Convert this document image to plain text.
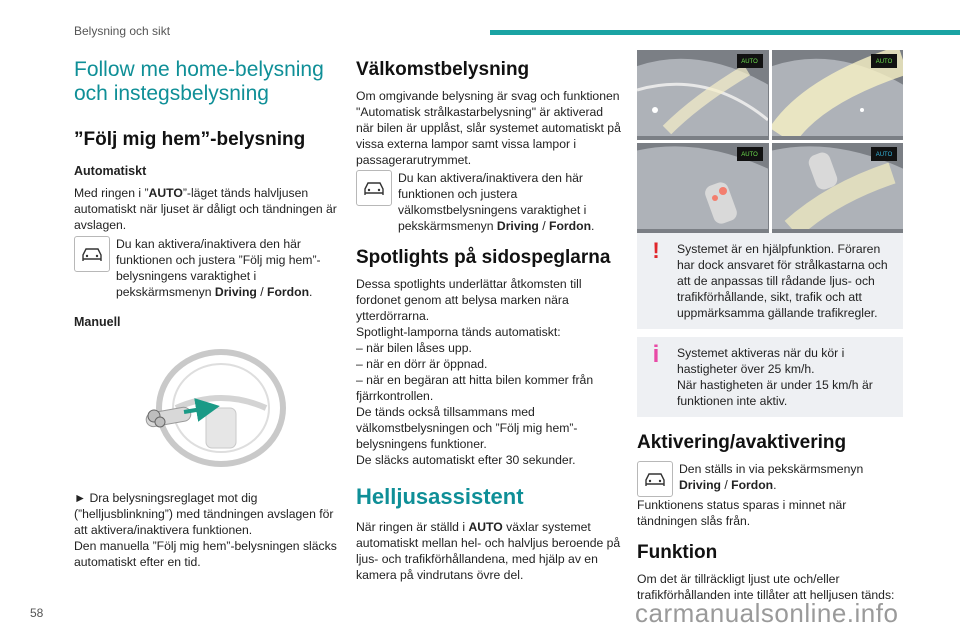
Belysning och sikt
Follow me home-belysning och instegsbelysning
”Följ mig hem”-belysning

Automatiskt

Med ringen i ”AUTO”-läget tänds halvljusen automatiskt när ljuset är dåligt och tändningen är avslagen.

Du kan aktivera/inaktivera den här funktionen och justera ”Följ mig hem”-belysningens varaktighet i pekskärmsmenyn Driving / Fordon.

Manuell

► Dra belysningsreglaget mot dig (”helljusblinkning”) med tändningen avslagen för att aktivera/inaktivera funktionen.

Den manuella ”Följ mig hem”-belysningen släcks automatiskt efter en tid.

Välkomstbelysning

Om omgivande belysning är svag och funktionen "Automatisk strålkastarbelysning" är aktiverad när bilen är upplåst, slår systemet automatiskt på vissa externa lampor samt vissa lampor i passagerarutrymmet.

Du kan aktivera/inaktivera den här funktionen och justera välkomstbelysningens varaktighet i pekskärmsmenyn Driving / Fordon.

Spotlights på sidospeglarna

Dessa spotlights underlättar åtkomsten till fordonet genom att belysa marken nära ytterdörrarna.

Spotlight-lamporna tänds automatiskt:

– när bilen låses upp.

– när en dörr är öppnad.

– när en begäran att hitta bilen kommer från fjärrkontrollen.

De tänds också tillsammans med välkomstbelysningen och ”Följ mig hem”-belysningens funktioner.

De släcks automatiskt efter 30 sekunder.

Helljusassistent

När ringen är ställd i AUTO växlar systemet automatiskt mellan hel- och halvljus beroende på ljus- och trafikförhållandena, med hjälp av en kamera på vindrutans övre del.

AUTO	AUTO
AUTO	AUTO
!	Systemet är en hjälpfunktion. Föraren har dock ansvaret för strålkastarna och att de anpassas till rådande ljus- och trafikförhållande, sikt, trafik och att uppmärksamma gällande trafikregler.

i	Systemet aktiveras när du kör i hastigheter över 25 km/h.

När hastigheten är under 15 km/h är funktionen inte aktiv.

Aktivering/avaktivering

Den ställs in via pekskärmsmenyn Driving / Fordon.

Funktionens status sparas i minnet när tändningen slås från.

Funktion

Om det är tillräckligt ljust ute och/eller trafikförhållanden inte tillåter att helljusen tänds:

58	carmanualsonline.info
